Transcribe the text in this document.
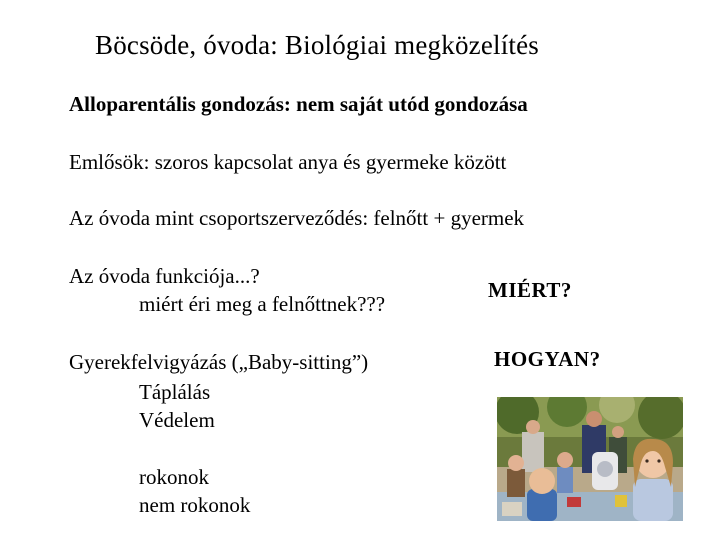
Böcsöde, óvoda: Biológiai megközelítés
Alloparentális gondozás: nem saját utód gondozása
Emlősök: szoros kapcsolat anya és gyermeke között
Az óvoda mint csoportszerveződés: felnőtt + gyermek
Az óvoda funkciója...?
miért éri meg a felnőttnek???
MIÉRT?
Gyerekfelvigyázás („Baby-sitting”)
Táplálás
Védelem
HOGYAN?
rokonok
nem rokonok
